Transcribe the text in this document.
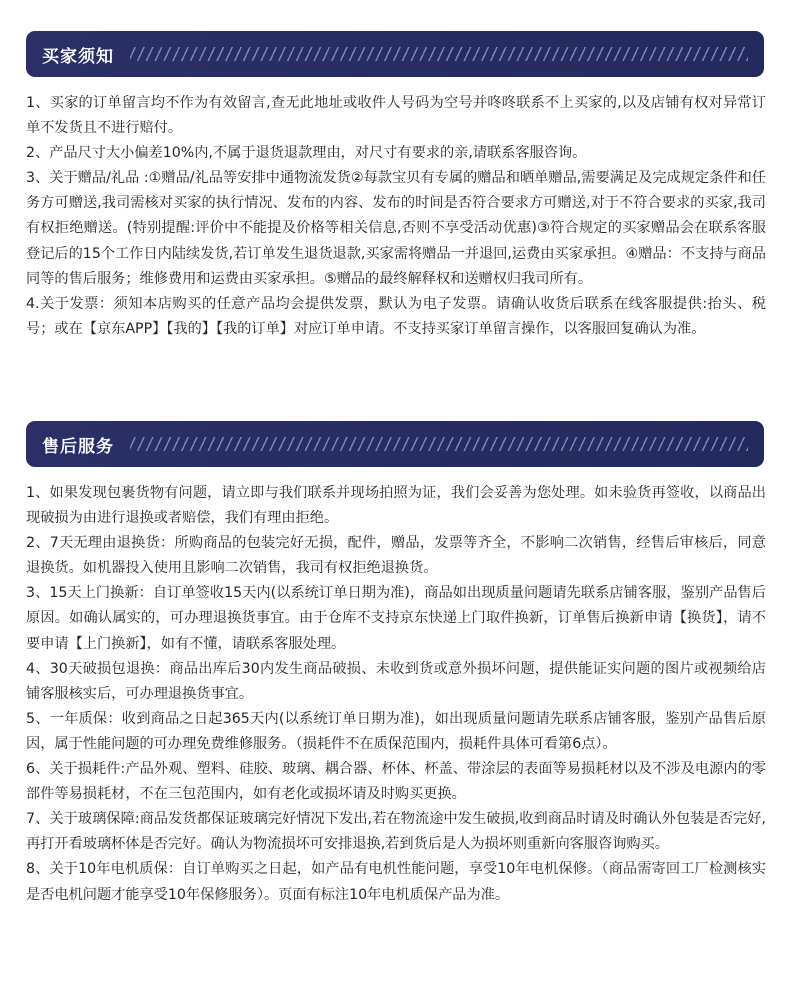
买家须知

1、买家的订单留言均不作为有效留言,查无此地址或收件人号码为空号并咚咚联系不上买家的,以及店铺有权对异常订单不发货且不进行赔付。

2、产品尺寸大小偏差10%内,不属于退货退款理由，对尺寸有要求的亲,请联系客服咨询。

3、关于赠品/礼品 :①赠品/礼品等安排中通物流发货②每款宝贝有专属的赠品和晒单赠品,需要满足及完成规定条件和任务方可赠送,我司需核对买家的执行情况、发布的内容、发布的时间是否符合要求方可赠送,对于不符合要求的买家,我司有权拒绝赠送。(特别提醒:评价中不能提及价格等相关信息,否则不享受活动优惠)③符合规定的买家赠品会在联系客服登记后的15个工作日内陆续发货,若订单发生退货退款,买家需将赠品一并退回,运费由买家承担。④赠品：不支持与商品同等的售后服务；维修费用和运费由买家承担。⑤赠品的最终解释权和送赠权归我司所有。

4.关于发票：须知本店购买的任意产品均会提供发票，默认为电子发票。请确认收货后联系在线客服提供:抬头、税号；或在【京东APP】【我的】【我的订单】对应订单申请。不支持买家订单留言操作，以客服回复确认为准。

售后服务

1、如果发现包裹货物有问题，请立即与我们联系并现场拍照为证，我们会妥善为您处理。如未验货再签收，以商品出现破损为由进行退换或者赔偿，我们有理由拒绝。

2、7天无理由退换货：所购商品的包装完好无损，配件，赠品，发票等齐全，不影响二次销售，经售后审核后，同意退换货。如机器投入使用且影响二次销售，我司有权拒绝退换货。

3、15天上门换新：自订单签收15天内(以系统订单日期为准)，商品如出现质量问题请先联系店铺客服，鉴别产品售后原因。如确认属实的，可办理退换货事宜。由于仓库不支持京东快递上门取件换新，订单售后换新申请【换货】，请不要申请【上门换新】，如有不懂，请联系客服处理。

4、30天破损包退换：商品出库后30内发生商品破损、未收到货或意外损坏问题，提供能证实问题的图片或视频给店铺客服核实后，可办理退换货事宜。

5、一年质保：收到商品之日起365天内(以系统订单日期为准)，如出现质量问题请先联系店铺客服，鉴别产品售后原因，属于性能问题的可办理免费维修服务。（损耗件不在质保范围内，损耗件具体可看第6点）。

6、关于损耗件:产品外观、塑料、硅胶、玻璃、耦合器、杯体、杯盖、带涂层的表面等易损耗材以及不涉及电源内的零部件等易损耗材，不在三包范围内，如有老化或损坏请及时购买更换。

7、关于玻璃保障:商品发货都保证玻璃完好情况下发出,若在物流途中发生破损,收到商品时请及时确认外包装是否完好,再打开看玻璃杯体是否完好。确认为物流损坏可安排退换,若到货后是人为损坏则重新向客服咨询购买。

8、关于10年电机质保：自订单购买之日起，如产品有电机性能问题，享受10年电机保修。（商品需寄回工厂检测核实是否电机问题才能享受10年保修服务）。页面有标注10年电机质保产品为准。
